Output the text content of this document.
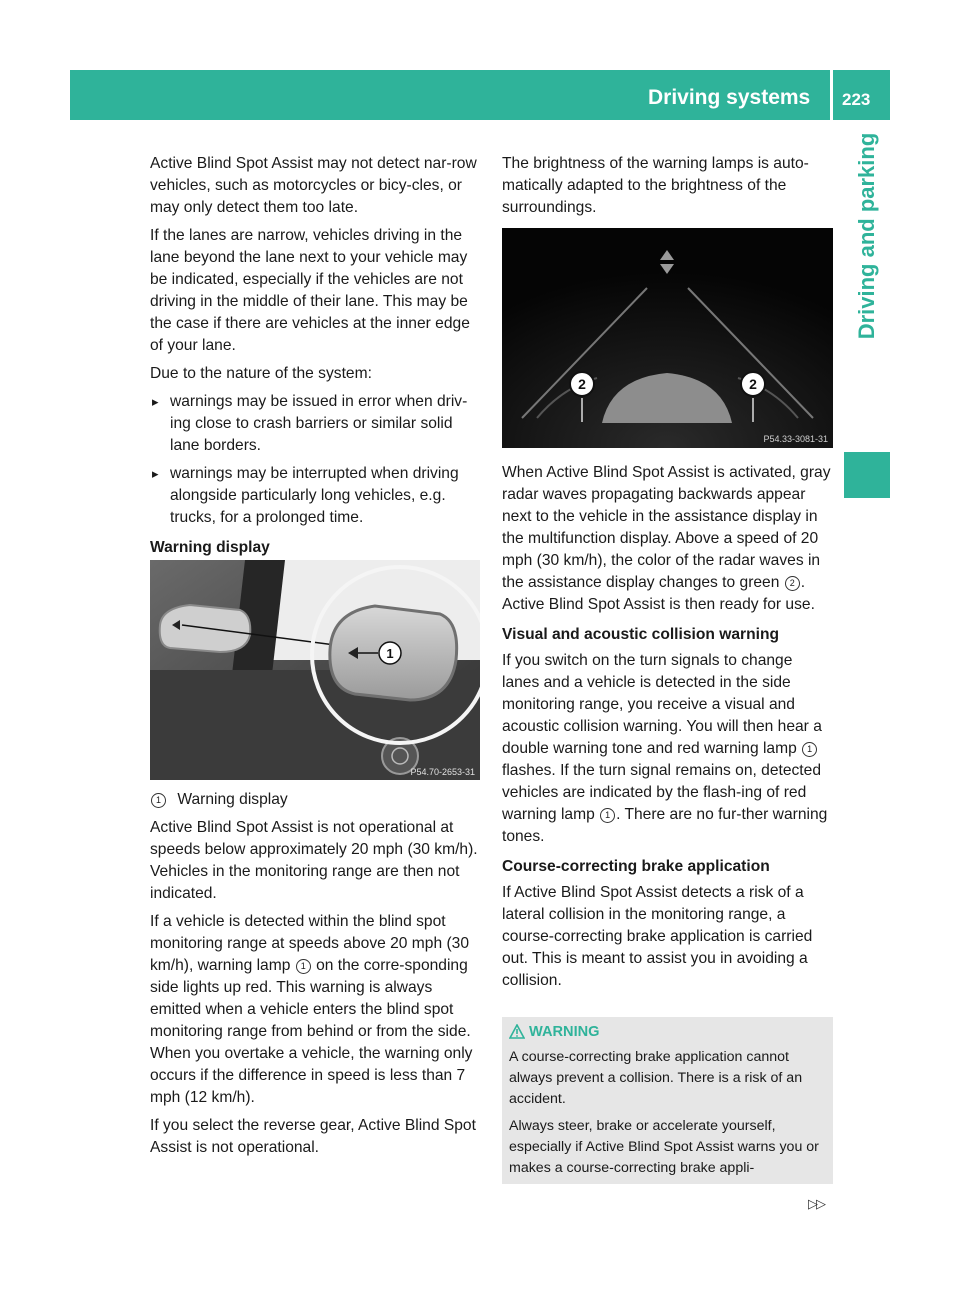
Driving systems 223
Driving and parking

Active Blind Spot Assist may not detect nar-row vehicles, such as motorcycles or bicy-cles, or may only detect them too late.

If the lanes are narrow, vehicles driving in the lane beyond the lane next to your vehicle may be indicated, especially if the vehicles are not driving in the middle of their lane. This may be the case if there are vehicles at the inner edge of your lane.

Due to the nature of the system:

▸ warnings may be issued in error when driv-ing close to crash barriers or similar solid lane borders.
▸ warnings may be interrupted when driving alongside particularly long vehicles, e.g. trucks, for a prolonged time.
Warning display
1
P54.70-2653-31

1 Warning display

Active Blind Spot Assist is not operational at speeds below approximately 20 mph (30 km/h). Vehicles in the monitoring range are then not indicated.

If a vehicle is detected within the blind spot monitoring range at speeds above 20 mph (30 km/h), warning lamp 1 on the corre-sponding side lights up red. This warning is always emitted when a vehicle enters the blind spot monitoring range from behind or from the side. When you overtake a vehicle, the warning only occurs if the difference in speed is less than 7 mph (12 km/h).

If you select the reverse gear, Active Blind Spot Assist is not operational.

The brightness of the warning lamps is auto-matically adapted to the brightness of the surroundings.

2	2
P54.33-3081-31

When Active Blind Spot Assist is activated, gray radar waves propagating backwards appear next to the vehicle in the assistance display in the multifunction display. Above a speed of 20 mph (30 km/h), the color of the radar waves in the assistance display changes to green 2 . Active Blind Spot Assist is then ready for use.

Visual and acoustic collision warning

If you switch on the turn signals to change lanes and a vehicle is detected in the side monitoring range, you receive a visual and acoustic collision warning. You will then hear a double warning tone and red warning lamp 1 flashes. If the turn signal remains on, detected vehicles are indicated by the flash-ing of red warning lamp 1 . There are no fur-ther warning tones.

Course-correcting brake application

If Active Blind Spot Assist detects a risk of a lateral collision in the monitoring range, a course-correcting brake application is carried out. This is meant to assist you in avoiding a collision.

WARNING

A course-correcting brake application cannot always prevent a collision. There is a risk of an accident.

Always steer, brake or accelerate yourself, especially if Active Blind Spot Assist warns you or makes a course-correcting brake appli-

▷▷
